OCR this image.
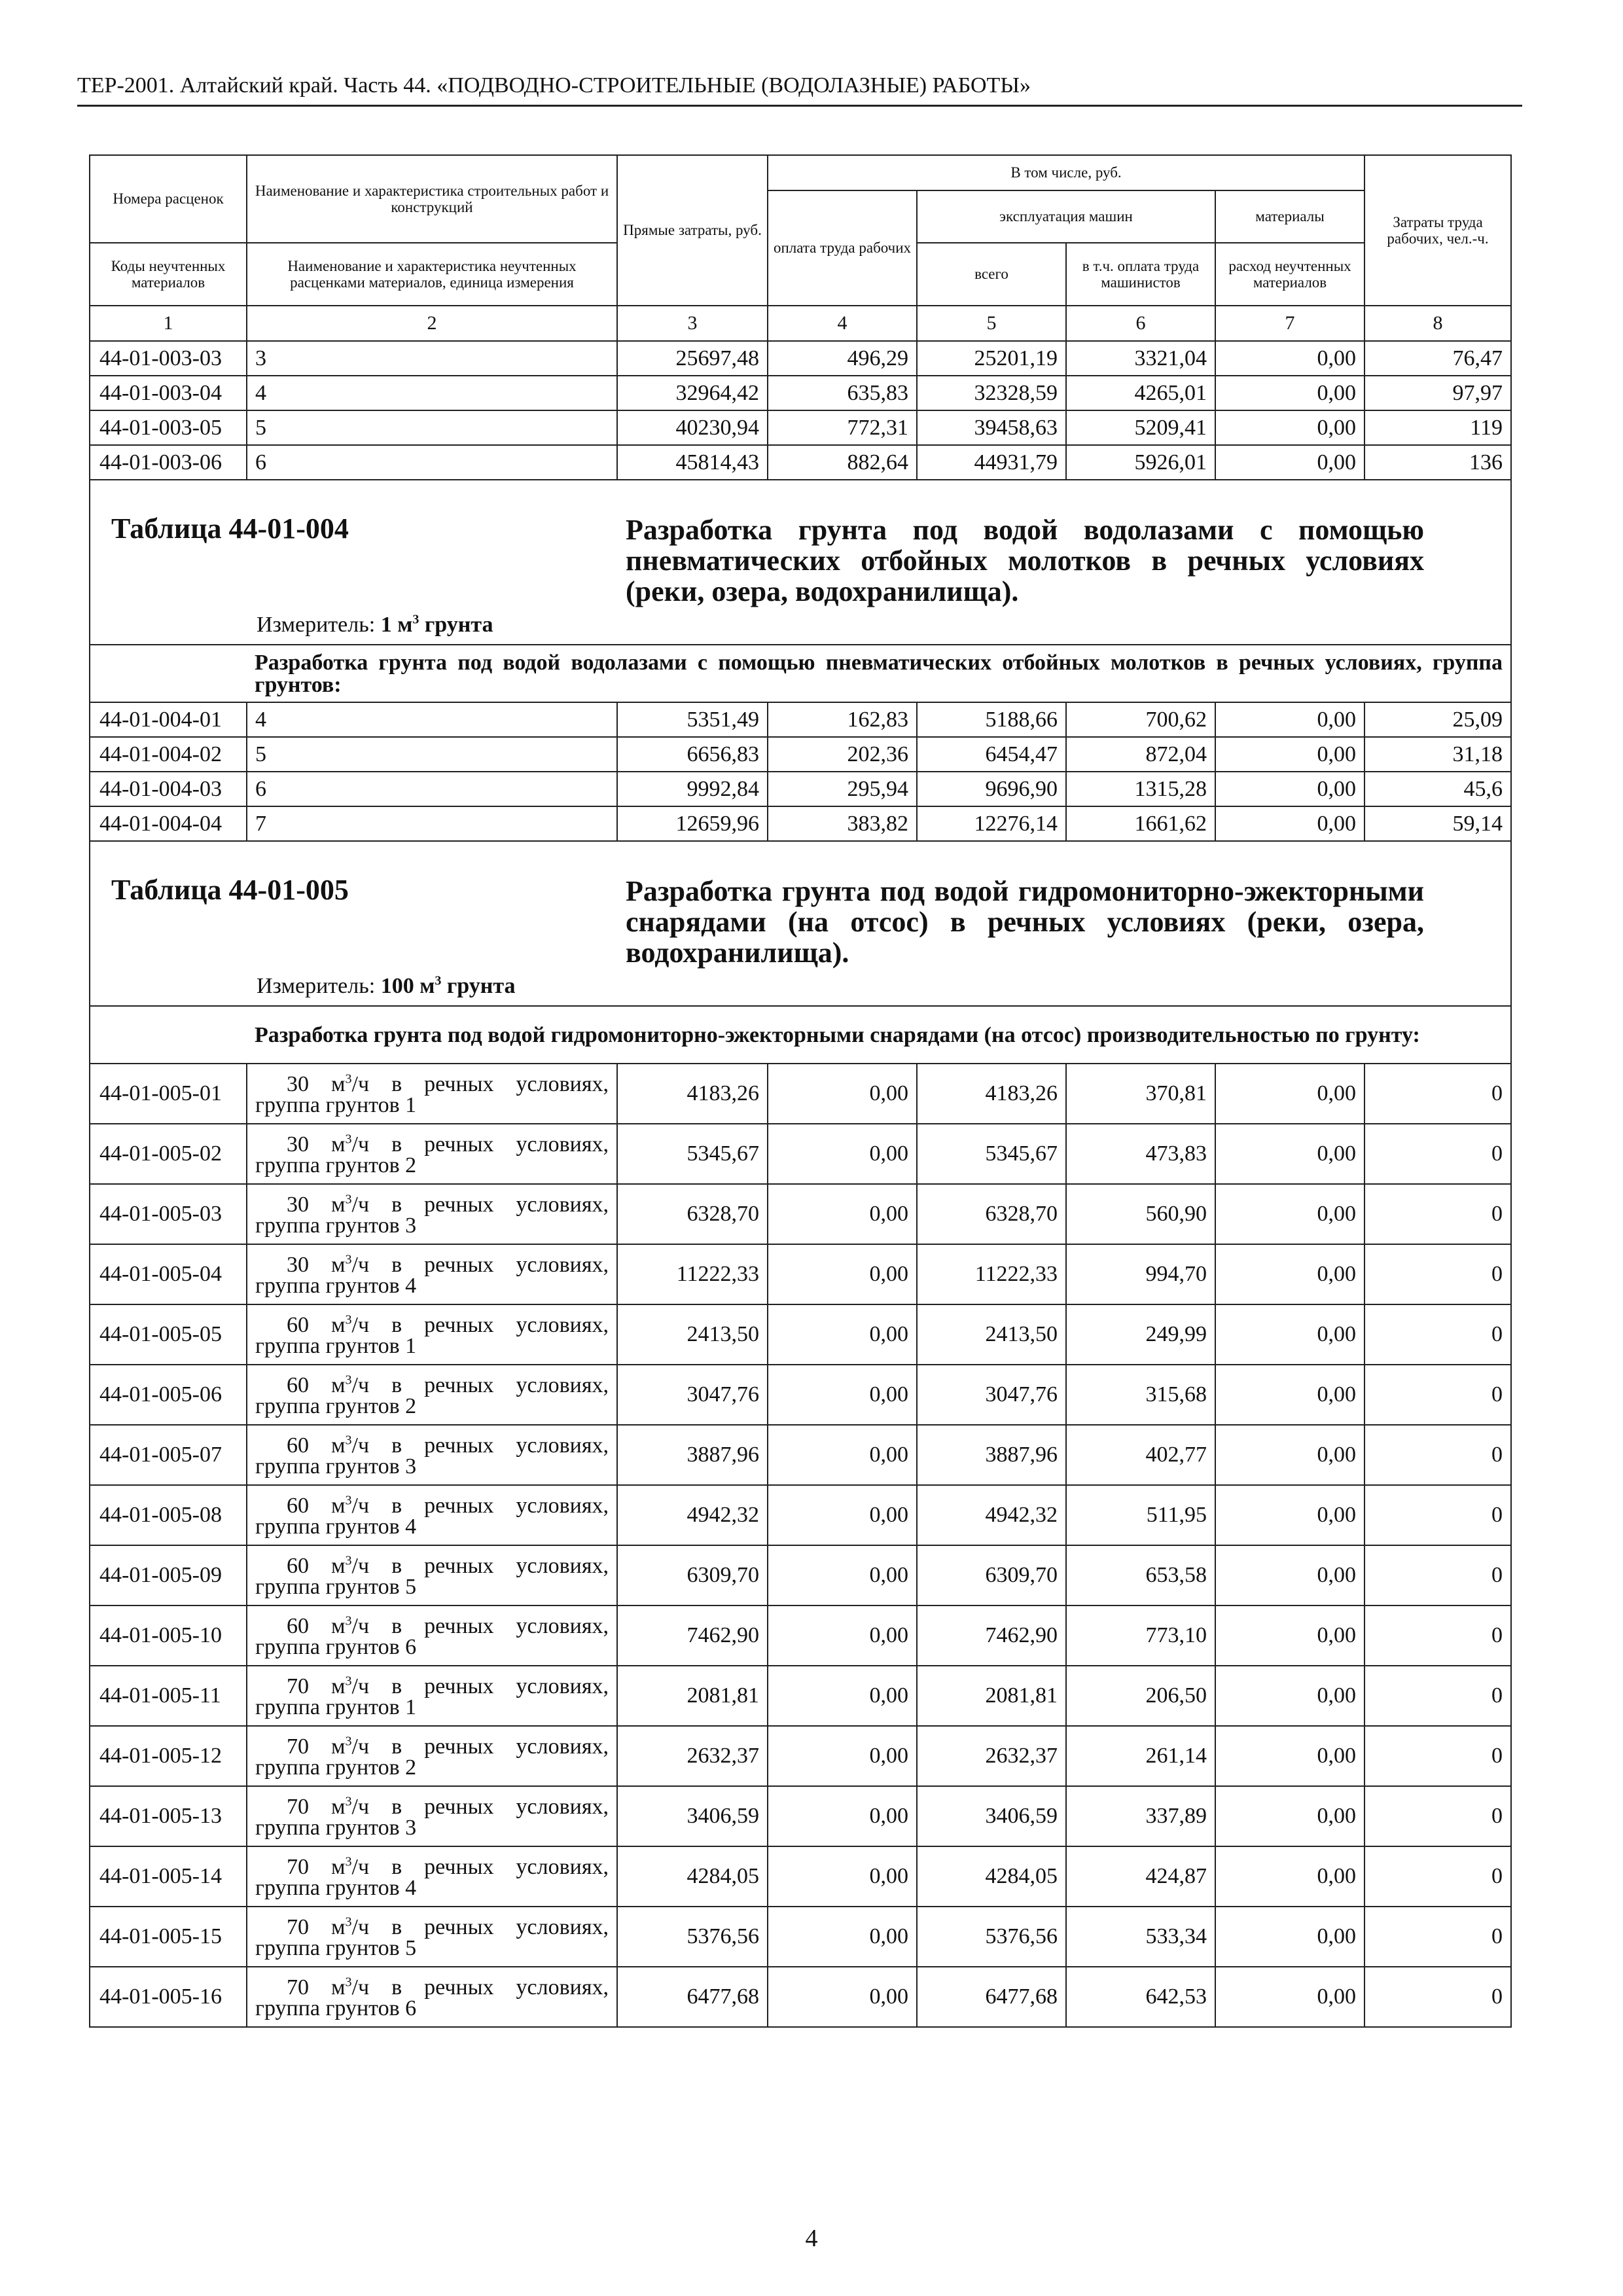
ТЕР-2001. Алтайский край. Часть 44. «ПОДВОДНО-СТРОИТЕЛЬНЫЕ (ВОДОЛАЗНЫЕ) РАБОТЫ»
Номера расценок	Наименование и характеристика строительных работ и конструкций	Прямые затраты, руб.	В том числе, руб.				Затраты труда рабочих, чел.-ч.
			оплата труда рабочих	эксплуатация машин		материалы	
Коды неучтенных материалов	Наименование и характеристика неучтенных расценками материалов, единица измерения			всего	в т.ч. оплата труда машинистов	расход неучтенных материалов	
1	2	3	4	5	6	7	8
44-01-003-03	3	25697,48	496,29	25201,19	3321,04	0,00	76,47
44-01-003-04	4	32964,42	635,83	32328,59	4265,01	0,00	97,97
44-01-003-05	5	40230,94	772,31	39458,63	5209,41	0,00	119
44-01-003-06	6	45814,43	882,64	44931,79	5926,01	0,00	136

Таблица 44-01-004 Разработка грунта под водой водолазами с помощью пневматических отбойных молотков в речных условиях (реки, озера, водохранилища).
Измеритель: 1 $м^3$ грунта							

	Разработка грунта под водой водолазами с помощью пневматических отбойных молотков в речных условиях, группа грунтов:						
44-01-004-01	4	5351,49	162,83	5188,66	700,62	0,00	25,09
44-01-004-02	5	6656,83	202,36	6454,47	872,04	0,00	31,18
44-01-004-03	6	9992,84	295,94	9696,90	1315,28	0,00	45,6
44-01-004-04	7	12659,96	383,82	12276,14	1661,62	0,00	59,14

Таблица 44-01-005 Разработка грунта под водой гидромониторно-эжекторными снарядами (на отсос) в речных условиях (реки, озера, водохранилища).
Измеритель: 100 $м^3$ грунта							

	Разработка грунта под водой гидромониторно-эжекторными снарядами (на отсос) производительностью по грунту:						
44-01-005-01	30 $м^3/ч$ в речных условиях,
группа грунтов 1	4183,26	0,00	4183,26	370,81	0,00	0
44-01-005-02	30 $м^3/ч$ в речных условиях,
группа грунтов 2	5345,67	0,00	5345,67	473,83	0,00	0
44-01-005-03	30 $м^3/ч$ в речных условиях,
группа грунтов 3	6328,70	0,00	6328,70	560,90	0,00	0
44-01-005-04	30 $м^3/ч$ в речных условиях,
группа грунтов 4	11222,33	0,00	11222,33	994,70	0,00	0
44-01-005-05	60 $м^3/ч$ в речных условиях,
группа грунтов 1	2413,50	0,00	2413,50	249,99	0,00	0
44-01-005-06	60 $м^3/ч$ в речных условиях,
группа грунтов 2	3047,76	0,00	3047,76	315,68	0,00	0
44-01-005-07	60 $м^3/ч$ в речных условиях,
группа грунтов 3	3887,96	0,00	3887,96	402,77	0,00	0
44-01-005-08	60 $м^3/ч$ в речных условиях,
группа грунтов 4	4942,32	0,00	4942,32	511,95	0,00	0
44-01-005-09	60 $м^3/ч$ в речных условиях,
группа грунтов 5	6309,70	0,00	6309,70	653,58	0,00	0
44-01-005-10	60 $м^3/ч$ в речных условиях,
группа грунтов 6	7462,90	0,00	7462,90	773,10	0,00	0
44-01-005-11	70 $м^3/ч$ в речных условиях,
группа грунтов 1	2081,81	0,00	2081,81	206,50	0,00	0
44-01-005-12	70 $м^3/ч$ в речных условиях,
группа грунтов 2	2632,37	0,00	2632,37	261,14	0,00	0
44-01-005-13	70 $м^3/ч$ в речных условиях,
группа грунтов 3	3406,59	0,00	3406,59	337,89	0,00	0
44-01-005-14	70 $м^3/ч$ в речных условиях,
группа грунтов 4	4284,05	0,00	4284,05	424,87	0,00	0
44-01-005-15	70 $м^3/ч$ в речных условиях,
группа грунтов 5	5376,56	0,00	5376,56	533,34	0,00	0
44-01-005-16	70 $м^3/ч$ в речных условиях,
группа грунтов 6	6477,68	0,00	6477,68	642,53	0,00	0
4
